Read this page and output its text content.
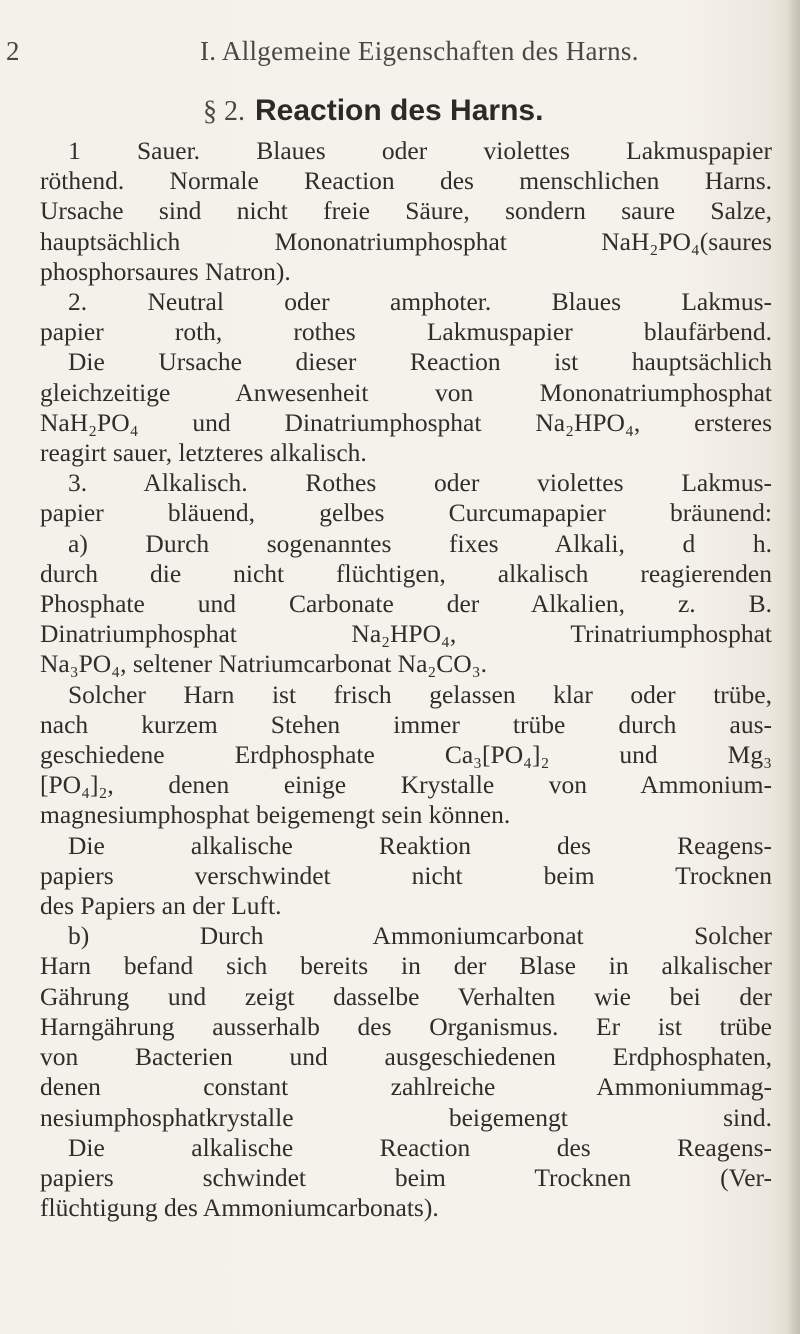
2	I. Allgemeine Eigenschaften des Harns.
§ 2. Reaction des Harns.
1 Sauer. Blaues oder violettes Lakmuspapier
röthend. Normale Reaction des menschlichen Harns.
Ursache sind nicht freie Säure, sondern saure Salze,
hauptsächlich Mononatriumphosphat NaH₂PO₄(saures
phosphorsaures Natron).
2. Neutral oder amphoter. Blaues Lakmus-
papier roth, rothes Lakmuspapier blaufärbend.
Die Ursache dieser Reaction ist hauptsächlich
gleichzeitige Anwesenheit von Mononatriumphosphat
NaH₂PO₄ und Dinatriumphosphat Na₂HPO₄, ersteres
reagirt sauer, letzteres alkalisch.
3. Alkalisch. Rothes oder violettes Lakmus-
papier bläuend, gelbes Curcumapapier bräunend:
a) Durch sogenanntes fixes Alkali, d h.
durch die nicht flüchtigen, alkalisch reagierenden
Phosphate und Carbonate der Alkalien, z. B.
Dinatriumphosphat Na₂HPO₄, Trinatriumphosphat
Na₃PO₄, seltener Natriumcarbonat Na₂CO₃.
Solcher Harn ist frisch gelassen klar oder trübe,
nach kurzem Stehen immer trübe durch aus-
geschiedene Erdphosphate Ca₃[PO₄]₂ und Mg₃
[PO₄]₂, denen einige Krystalle von Ammonium-
magnesiumphosphat beigemengt sein können.
Die alkalische Reaktion des Reagens-
papiers verschwindet nicht beim Trocknen
des Papiers an der Luft.
b) Durch Ammoniumcarbonat Solcher
Harn befand sich bereits in der Blase in alkalischer
Gährung und zeigt dasselbe Verhalten wie bei der
Harngährung ausserhalb des Organismus. Er ist trübe
von Bacterien und ausgeschiedenen Erdphosphaten,
denen constant zahlreiche Ammoniummag-
nesiumphosphatkrystalle beigemengt sind.
Die alkalische Reaction des Reagens-
papiers schwindet beim Trocknen (Ver-
flüchtigung des Ammoniumcarbonats).
